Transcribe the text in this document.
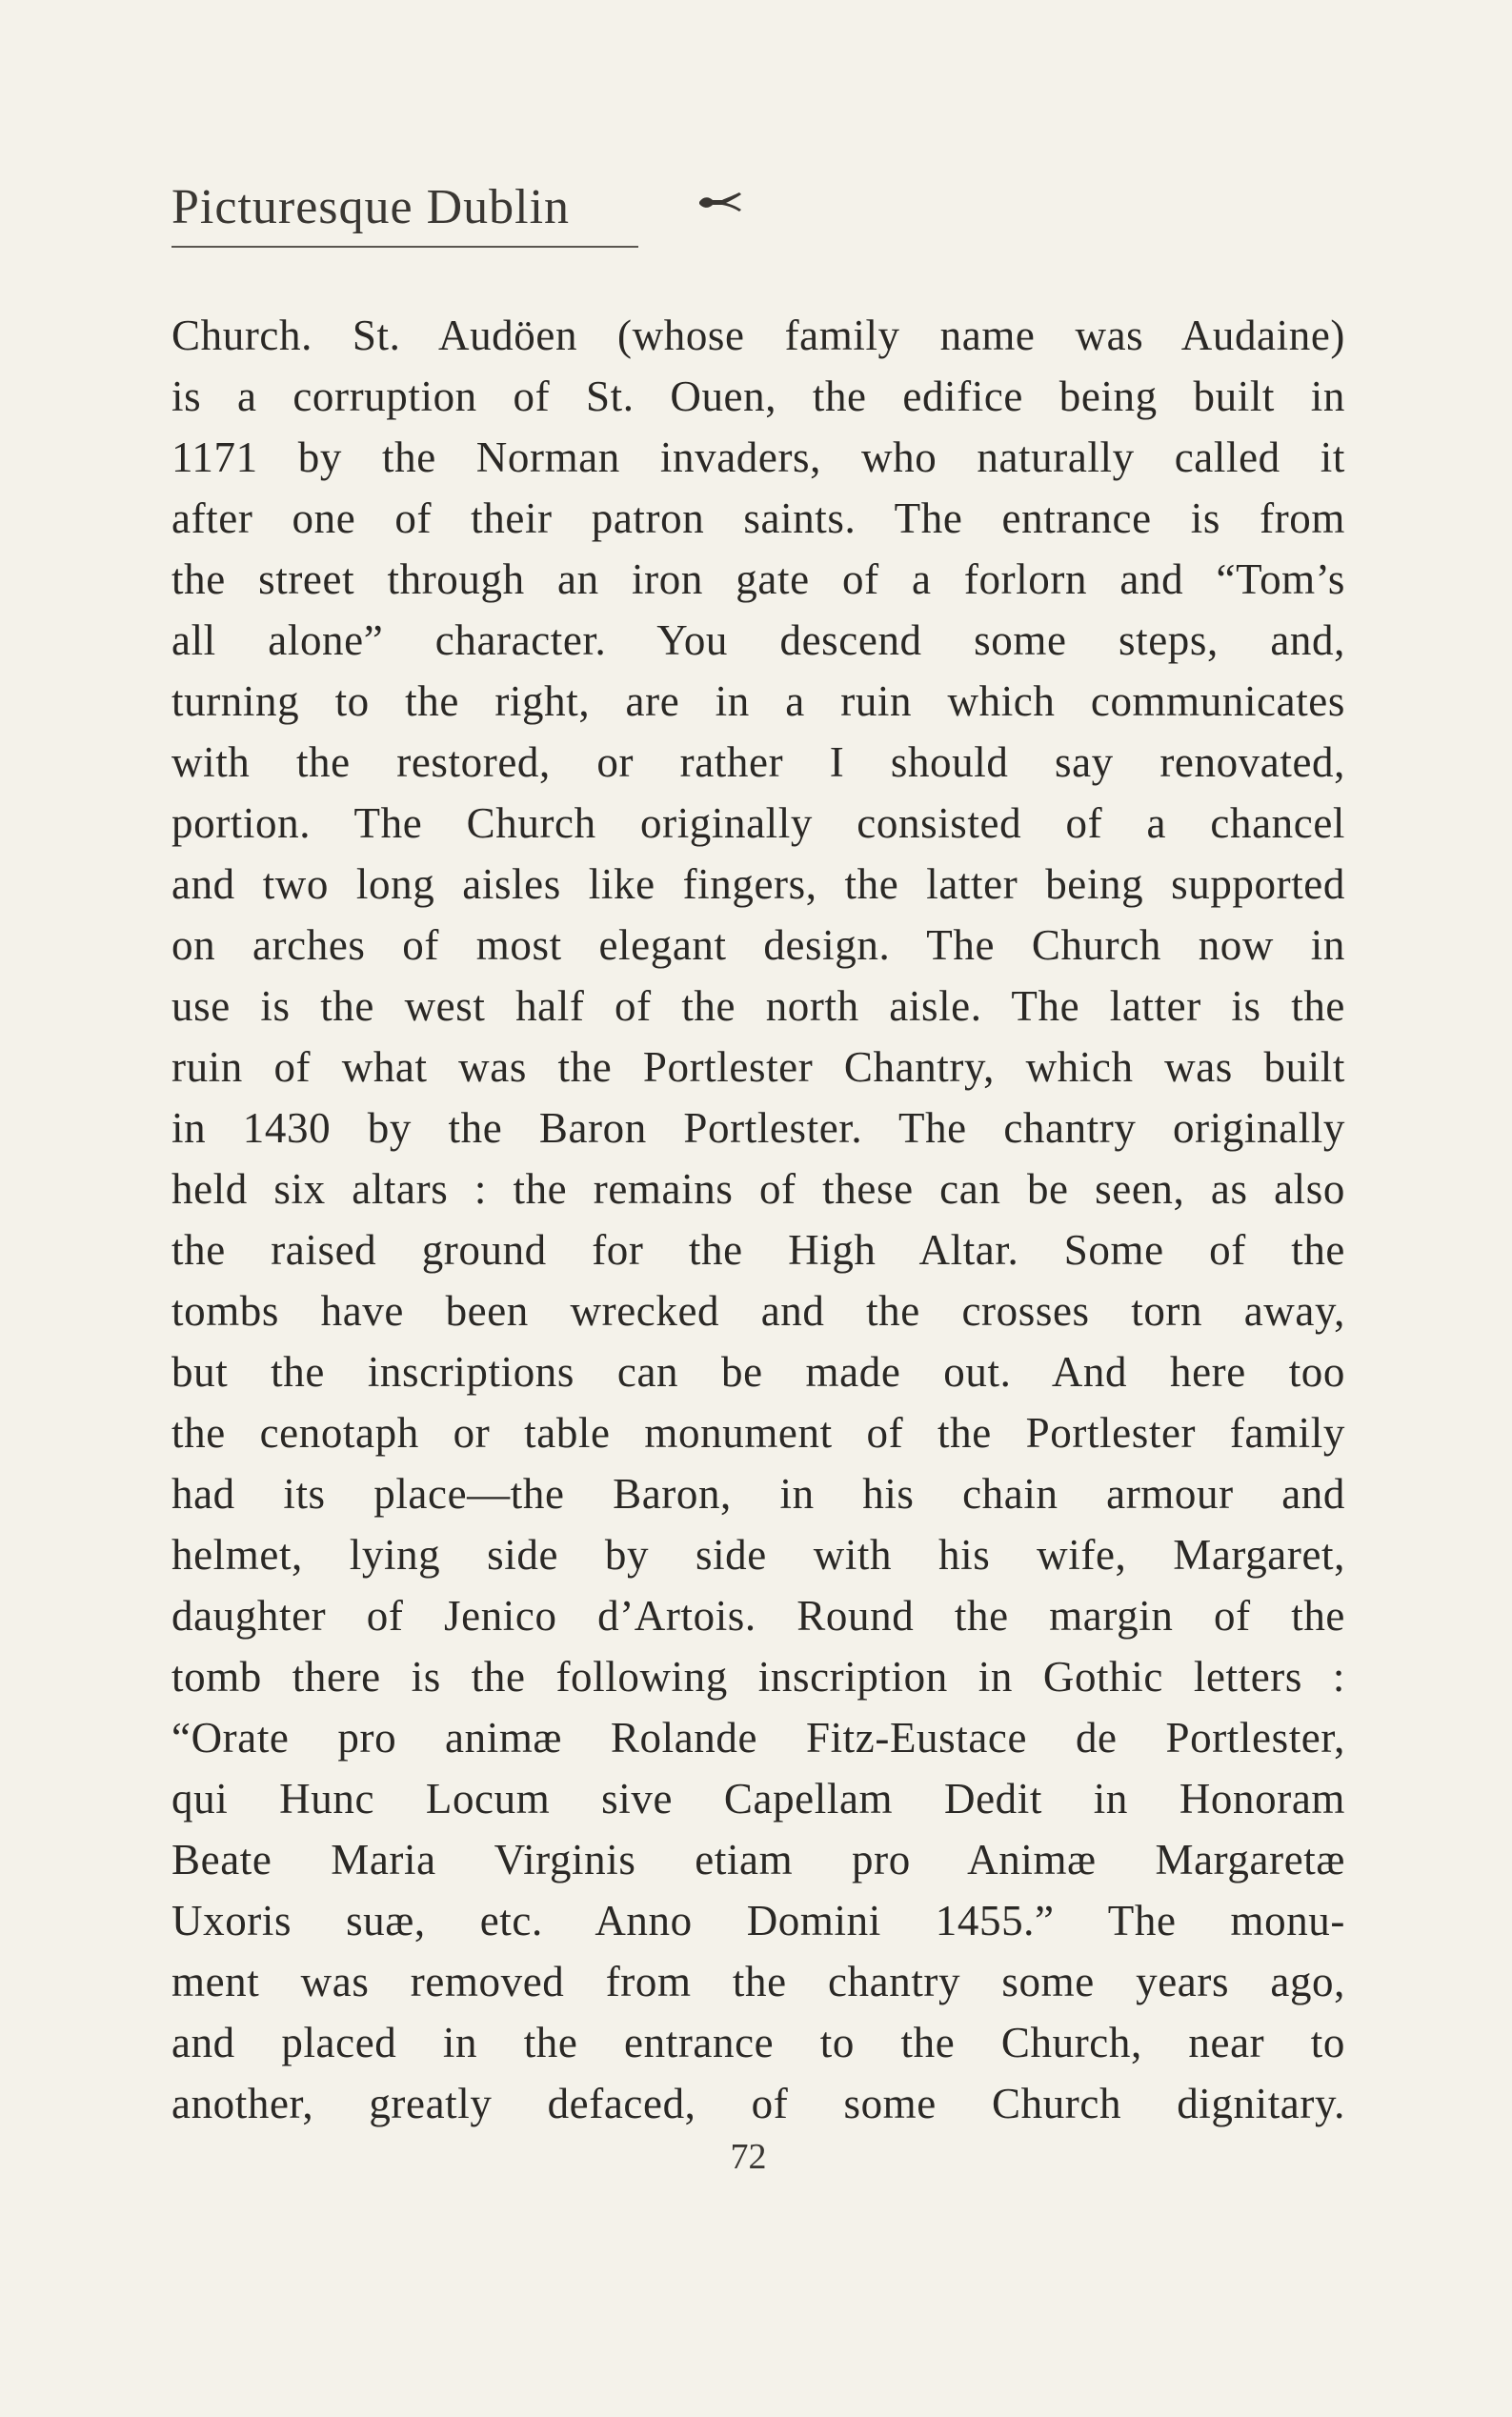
Picturesque Dublin
Church. St. Audöen (whose family name was Audaine)
is a corruption of St. Ouen, the edifice being built in
1171 by the Norman invaders, who naturally called it
after one of their patron saints. The entrance is from
the street through an iron gate of a forlorn and “Tom’s
all alone” character. You descend some steps, and,
turning to the right, are in a ruin which communicates
with the restored, or rather I should say renovated,
portion. The Church originally consisted of a chancel
and two long aisles like fingers, the latter being supported
on arches of most elegant design. The Church now in
use is the west half of the north aisle. The latter is the
ruin of what was the Portlester Chantry, which was built
in 1430 by the Baron Portlester. The chantry originally
held six altars : the remains of these can be seen, as also
the raised ground for the High Altar. Some of the
tombs have been wrecked and the crosses torn away,
but the inscriptions can be made out. And here too
the cenotaph or table monument of the Portlester family
had its place—the Baron, in his chain armour and
helmet, lying side by side with his wife, Margaret,
daughter of Jenico d’Artois. Round the margin of the
tomb there is the following inscription in Gothic letters :
“Orate pro animæ Rolande Fitz-Eustace de Portlester,
qui Hunc Locum sive Capellam Dedit in Honoram
Beate Maria Virginis etiam pro Animæ Margaretæ
Uxoris suæ, etc. Anno Domini 1455.” The monu-
ment was removed from the chantry some years ago,
and placed in the entrance to the Church, near to
another, greatly defaced, of some Church dignitary.
72
